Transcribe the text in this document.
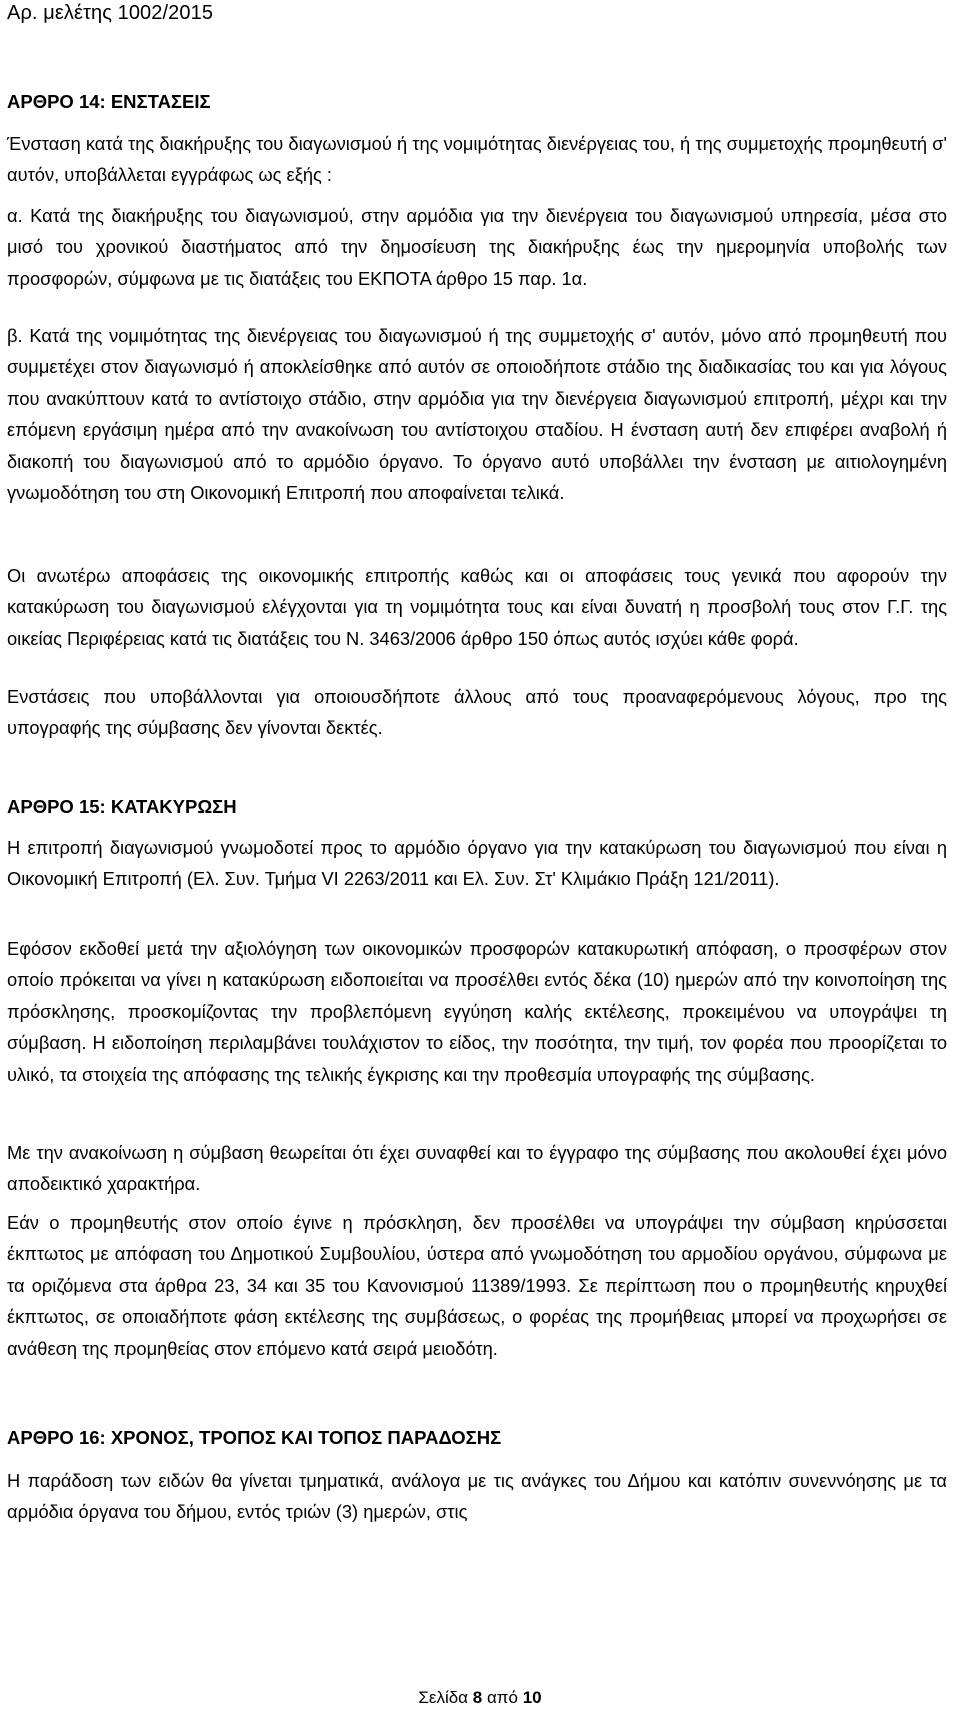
Αρ. μελέτης 1002/2015
ΑΡΘΡΟ 14: ΕΝΣΤΑΣΕΙΣ
Ένσταση κατά της διακήρυξης του διαγωνισμού ή της νομιμότητας διενέργειας του, ή της συμμετοχής προμηθευτή σ' αυτόν, υποβάλλεται εγγράφως ως εξής :
α. Κατά της διακήρυξης του διαγωνισμού, στην αρμόδια για την διενέργεια του διαγωνισμού υπηρεσία, μέσα στο μισό του χρονικού διαστήματος από την δημοσίευση της διακήρυξης έως την ημερομηνία υποβολής των προσφορών, σύμφωνα με τις διατάξεις του ΕΚΠΟΤΑ άρθρο 15 παρ. 1α.
β. Κατά της νομιμότητας της διενέργειας του διαγωνισμού ή της συμμετοχής σ' αυτόν, μόνο από προμηθευτή που συμμετέχει στον διαγωνισμό ή αποκλείσθηκε από αυτόν σε οποιοδήποτε στάδιο της διαδικασίας του και για λόγους που ανακύπτουν κατά το αντίστοιχο στάδιο, στην αρμόδια για την διενέργεια διαγωνισμού επιτροπή, μέχρι και την επόμενη εργάσιμη ημέρα από την ανακοίνωση του αντίστοιχου σταδίου. Η ένσταση αυτή δεν επιφέρει αναβολή ή διακοπή του διαγωνισμού από το αρμόδιο όργανο. Το όργανο αυτό υποβάλλει την ένσταση με αιτιολογημένη γνωμοδότηση του στη Οικονομική Επιτροπή που αποφαίνεται τελικά.
Οι ανωτέρω αποφάσεις της οικονομικής επιτροπής καθώς και οι αποφάσεις τους γενικά που αφορούν την κατακύρωση του διαγωνισμού ελέγχονται για τη νομιμότητα τους και είναι δυνατή η προσβολή τους στον Γ.Γ. της οικείας Περιφέρειας κατά τις διατάξεις του Ν. 3463/2006 άρθρο 150 όπως αυτός ισχύει κάθε φορά.
Ενστάσεις που υποβάλλονται για οποιουσδήποτε άλλους από τους προαναφερόμενους λόγους, προ της υπογραφής της σύμβασης δεν γίνονται δεκτές.
ΑΡΘΡΟ 15: ΚΑΤΑΚΥΡΩΣΗ
Η επιτροπή διαγωνισμού γνωμοδοτεί προς το αρμόδιο όργανο για την κατακύρωση του διαγωνισμού που είναι η Οικονομική Επιτροπή (Ελ. Συν. Τμήμα VI 2263/2011 και Ελ. Συν. Στ' Κλιμάκιο Πράξη 121/2011).
Εφόσον εκδοθεί μετά την αξιολόγηση των οικονομικών προσφορών κατακυρωτική απόφαση, ο προσφέρων στον οποίο πρόκειται να γίνει η κατακύρωση ειδοποιείται να προσέλθει εντός δέκα (10) ημερών από την κοινοποίηση της πρόσκλησης, προσκομίζοντας την προβλεπόμενη εγγύηση καλής εκτέλεσης, προκειμένου να υπογράψει τη σύμβαση. Η ειδοποίηση περιλαμβάνει τουλάχιστον το είδος, την ποσότητα, την τιμή, τον φορέα που προορίζεται το υλικό, τα στοιχεία της απόφασης της τελικής έγκρισης και την προθεσμία υπογραφής της σύμβασης.
Με την ανακοίνωση η σύμβαση θεωρείται ότι έχει συναφθεί και το έγγραφο της σύμβασης που ακολουθεί έχει μόνο αποδεικτικό χαρακτήρα.
Εάν ο προμηθευτής στον οποίο έγινε η πρόσκληση, δεν προσέλθει να υπογράψει την σύμβαση κηρύσσεται έκπτωτος με απόφαση του Δημοτικού Συμβουλίου, ύστερα από γνωμοδότηση του αρμοδίου οργάνου, σύμφωνα με τα οριζόμενα στα άρθρα 23, 34 και 35 του Κανονισμού 11389/1993. Σε περίπτωση που ο προμηθευτής κηρυχθεί έκπτωτος, σε οποιαδήποτε φάση εκτέλεσης της συμβάσεως, ο φορέας της προμήθειας μπορεί να προχωρήσει σε ανάθεση της προμηθείας στον επόμενο κατά σειρά μειοδότη.
ΑΡΘΡΟ 16: ΧΡΟΝΟΣ, ΤΡΟΠΟΣ ΚΑΙ ΤΟΠΟΣ ΠΑΡΑΔΟΣΗΣ
Η παράδοση των ειδών θα γίνεται τμηματικά, ανάλογα με τις ανάγκες του Δήμου και κατόπιν συνεννόησης με τα αρμόδια όργανα του δήμου, εντός τριών (3) ημερών, στις
Σελίδα 8 από 10
